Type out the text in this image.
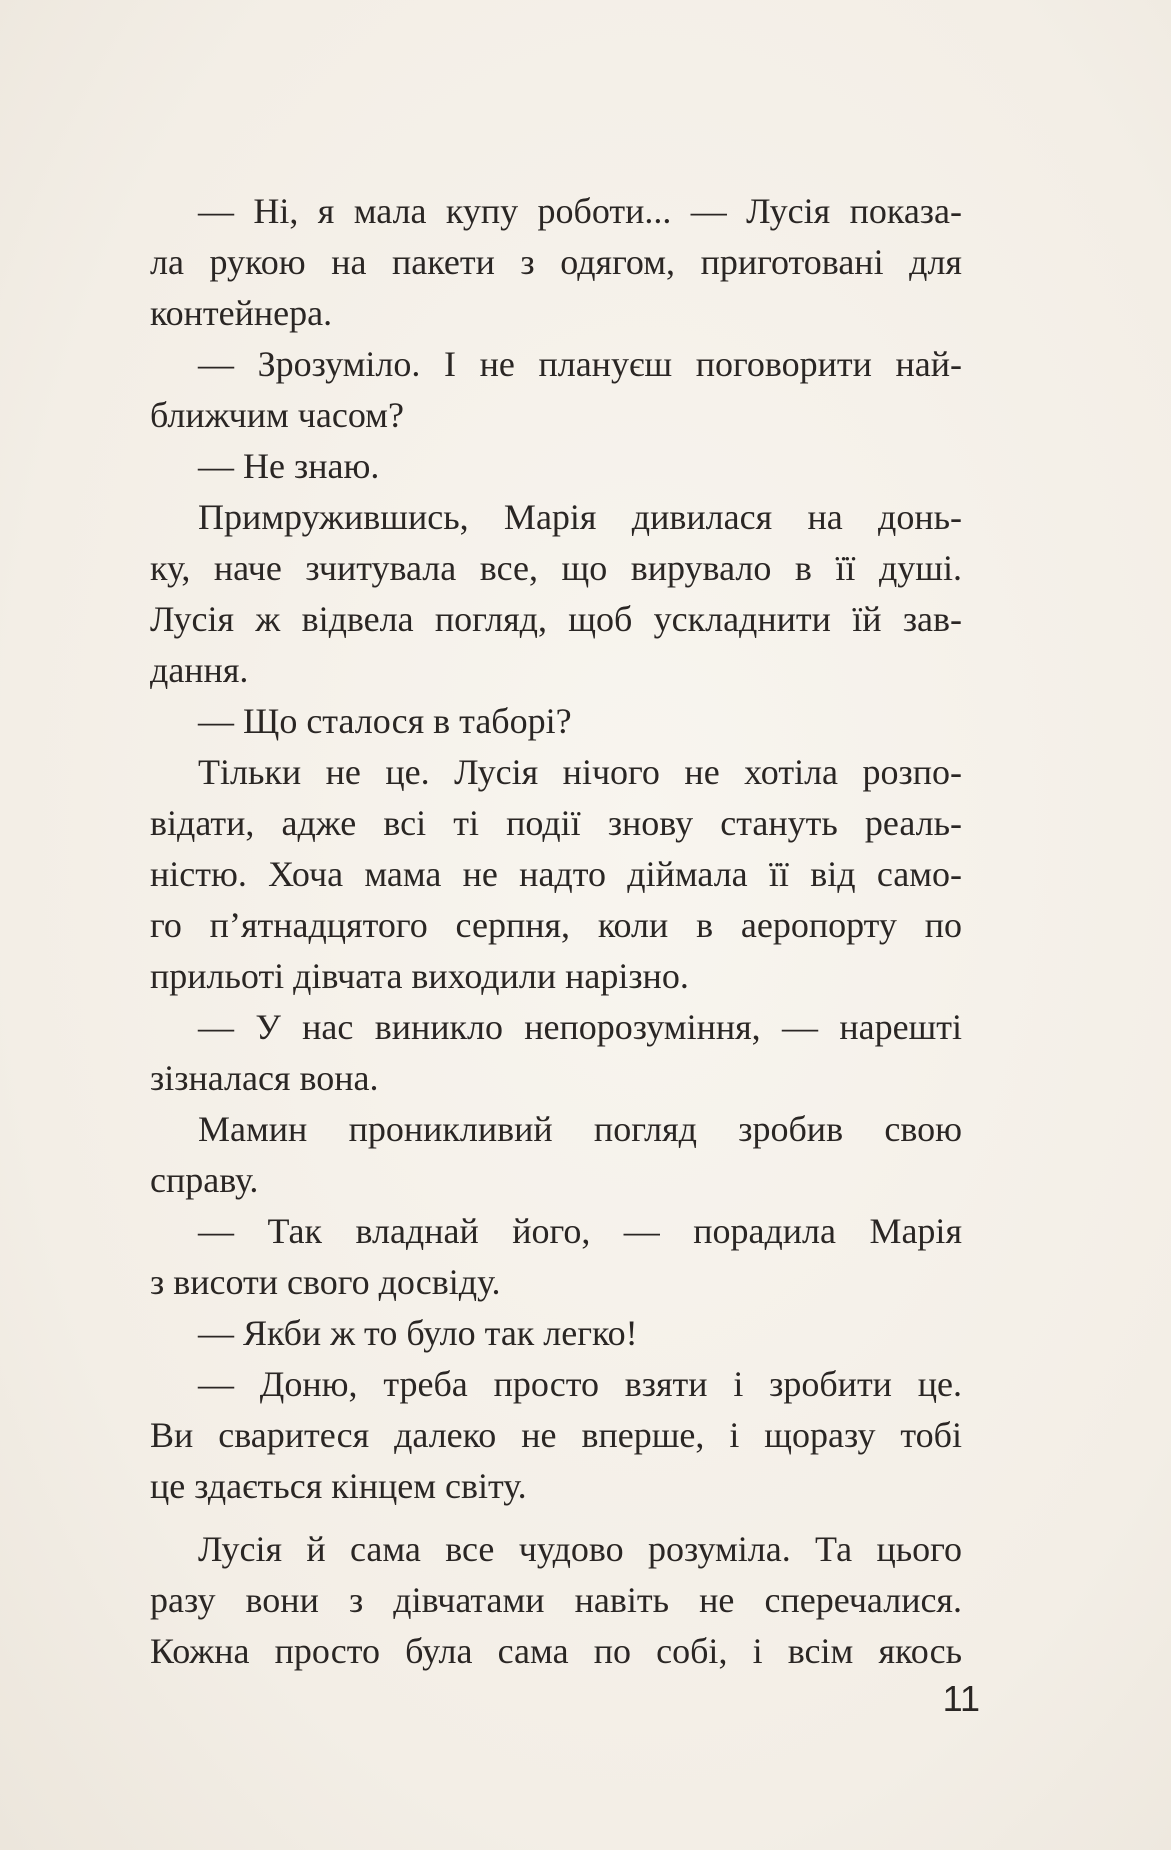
— Ні, я мала купу роботи... — Лусія показа-
ла рукою на пакети з одягом, приготовані для
контейнера.
— Зрозуміло. І не плануєш поговорити най-
ближчим часом?
— Не знаю.
Примружившись, Марія дивилася на донь-
ку, наче зчитувала все, що вирувало в її душі.
Лусія ж відвела погляд, щоб ускладнити їй зав-
дання.
— Що сталося в таборі?
Тільки не це. Лусія нічого не хотіла розпо-
відати, адже всі ті події знову стануть реаль-
ністю. Хоча мама не надто діймала її від само-
го п’ятнадцятого серпня, коли в аеропорту по
прильоті дівчата виходили нарізно.
— У нас виникло непорозуміння, — нарешті
зізналася вона.
Мамин проникливий погляд зробив свою
справу.
— Так владнай його, — порадила Марія
з висоти свого досвіду.
— Якби ж то було так легко!
— Доню, треба просто взяти і зробити це.
Ви сваритеся далеко не вперше, і щоразу тобі
це здається кінцем світу.
Лусія й сама все чудово розуміла. Та цього
разу вони з дівчатами навіть не сперечалися.
Кожна просто була сама по собі, і всім якось
11
